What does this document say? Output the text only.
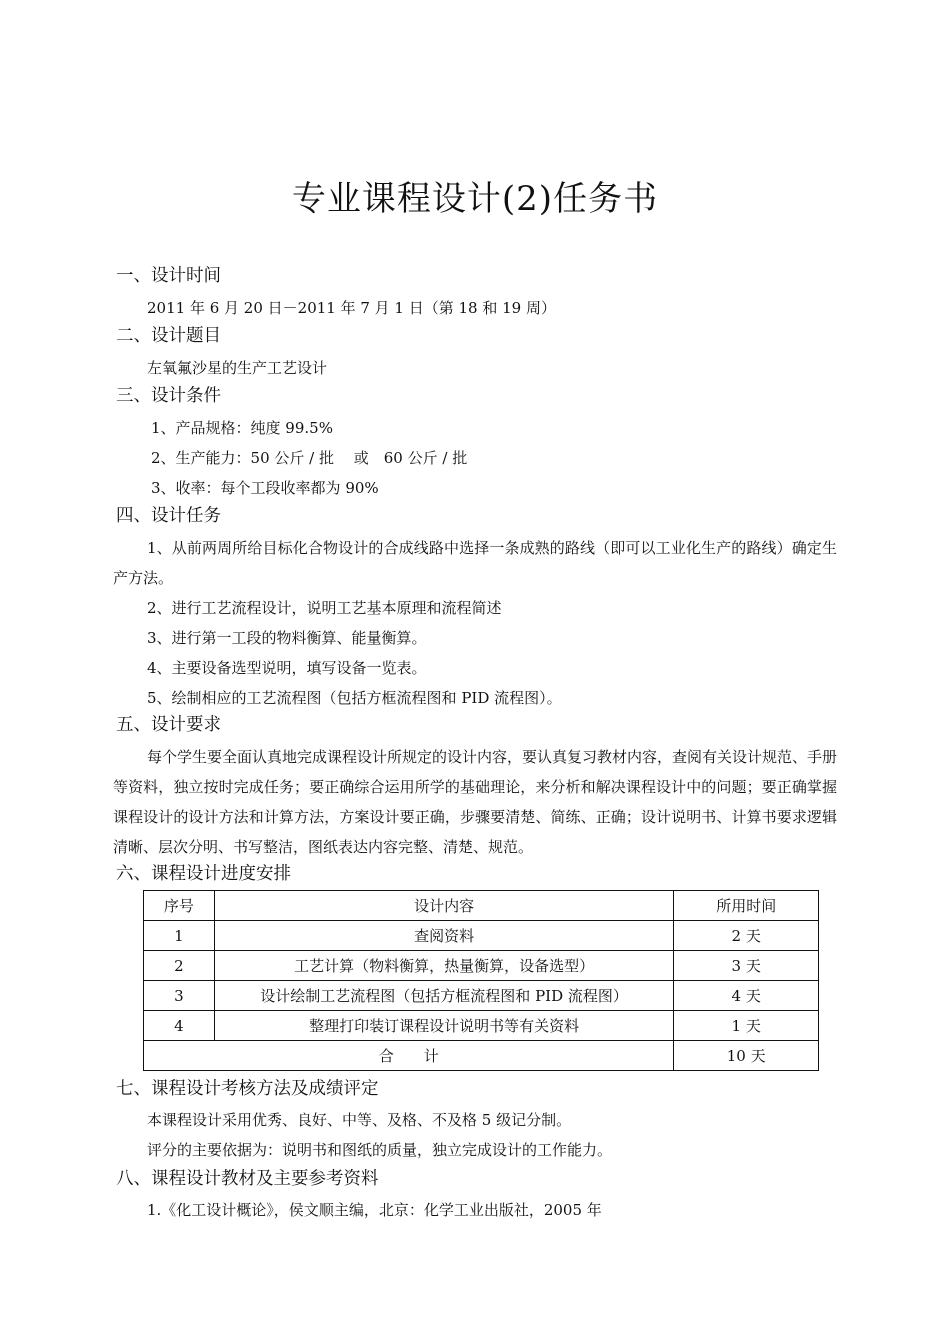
专业课程设计(2)任务书
一、设计时间
2011 年 6 月 20 日－2011 年 7 月 1 日（第 18 和 19 周）
二、设计题目
左氧氟沙星的生产工艺设计
三、设计条件
1、产品规格：纯度 99.5%
2、生产能力：50 公斤 / 批　 或　60 公斤 / 批
3、收率：每个工段收率都为 90%
四、设计任务
1、从前两周所给目标化合物设计的合成线路中选择一条成熟的路线（即可以工业化生产的路线）确定生产方法。
2、进行工艺流程设计，说明工艺基本原理和流程简述
3、进行第一工段的物料衡算、能量衡算。
4、主要设备选型说明，填写设备一览表。
5、绘制相应的工艺流程图（包括方框流程图和 PID 流程图）。
五、设计要求
每个学生要全面认真地完成课程设计所规定的设计内容，要认真复习教材内容，查阅有关设计规范、手册等资料，独立按时完成任务；要正确综合运用所学的基础理论，来分析和解决课程设计中的问题；要正确掌握课程设计的设计方法和计算方法，方案设计要正确，步骤要清楚、简练、正确；设计说明书、计算书要求逻辑清晰、层次分明、书写整洁，图纸表达内容完整、清楚、规范。
六、课程设计进度安排
序号	设计内容	所用时间
1	查阅资料	2 天
2	工艺计算（物料衡算，热量衡算，设备选型）	3 天
3	设计绘制工艺流程图（包括方框流程图和 PID 流程图）	4 天
4	整理打印装订课程设计说明书等有关资料	1 天
合　　计		10 天
七、课程设计考核方法及成绩评定
本课程设计采用优秀、良好、中等、及格、不及格 5 级记分制。
评分的主要依据为：说明书和图纸的质量，独立完成设计的工作能力。
八、课程设计教材及主要参考资料
1.《化工设计概论》，侯文顺主编，北京：化学工业出版社，2005 年
